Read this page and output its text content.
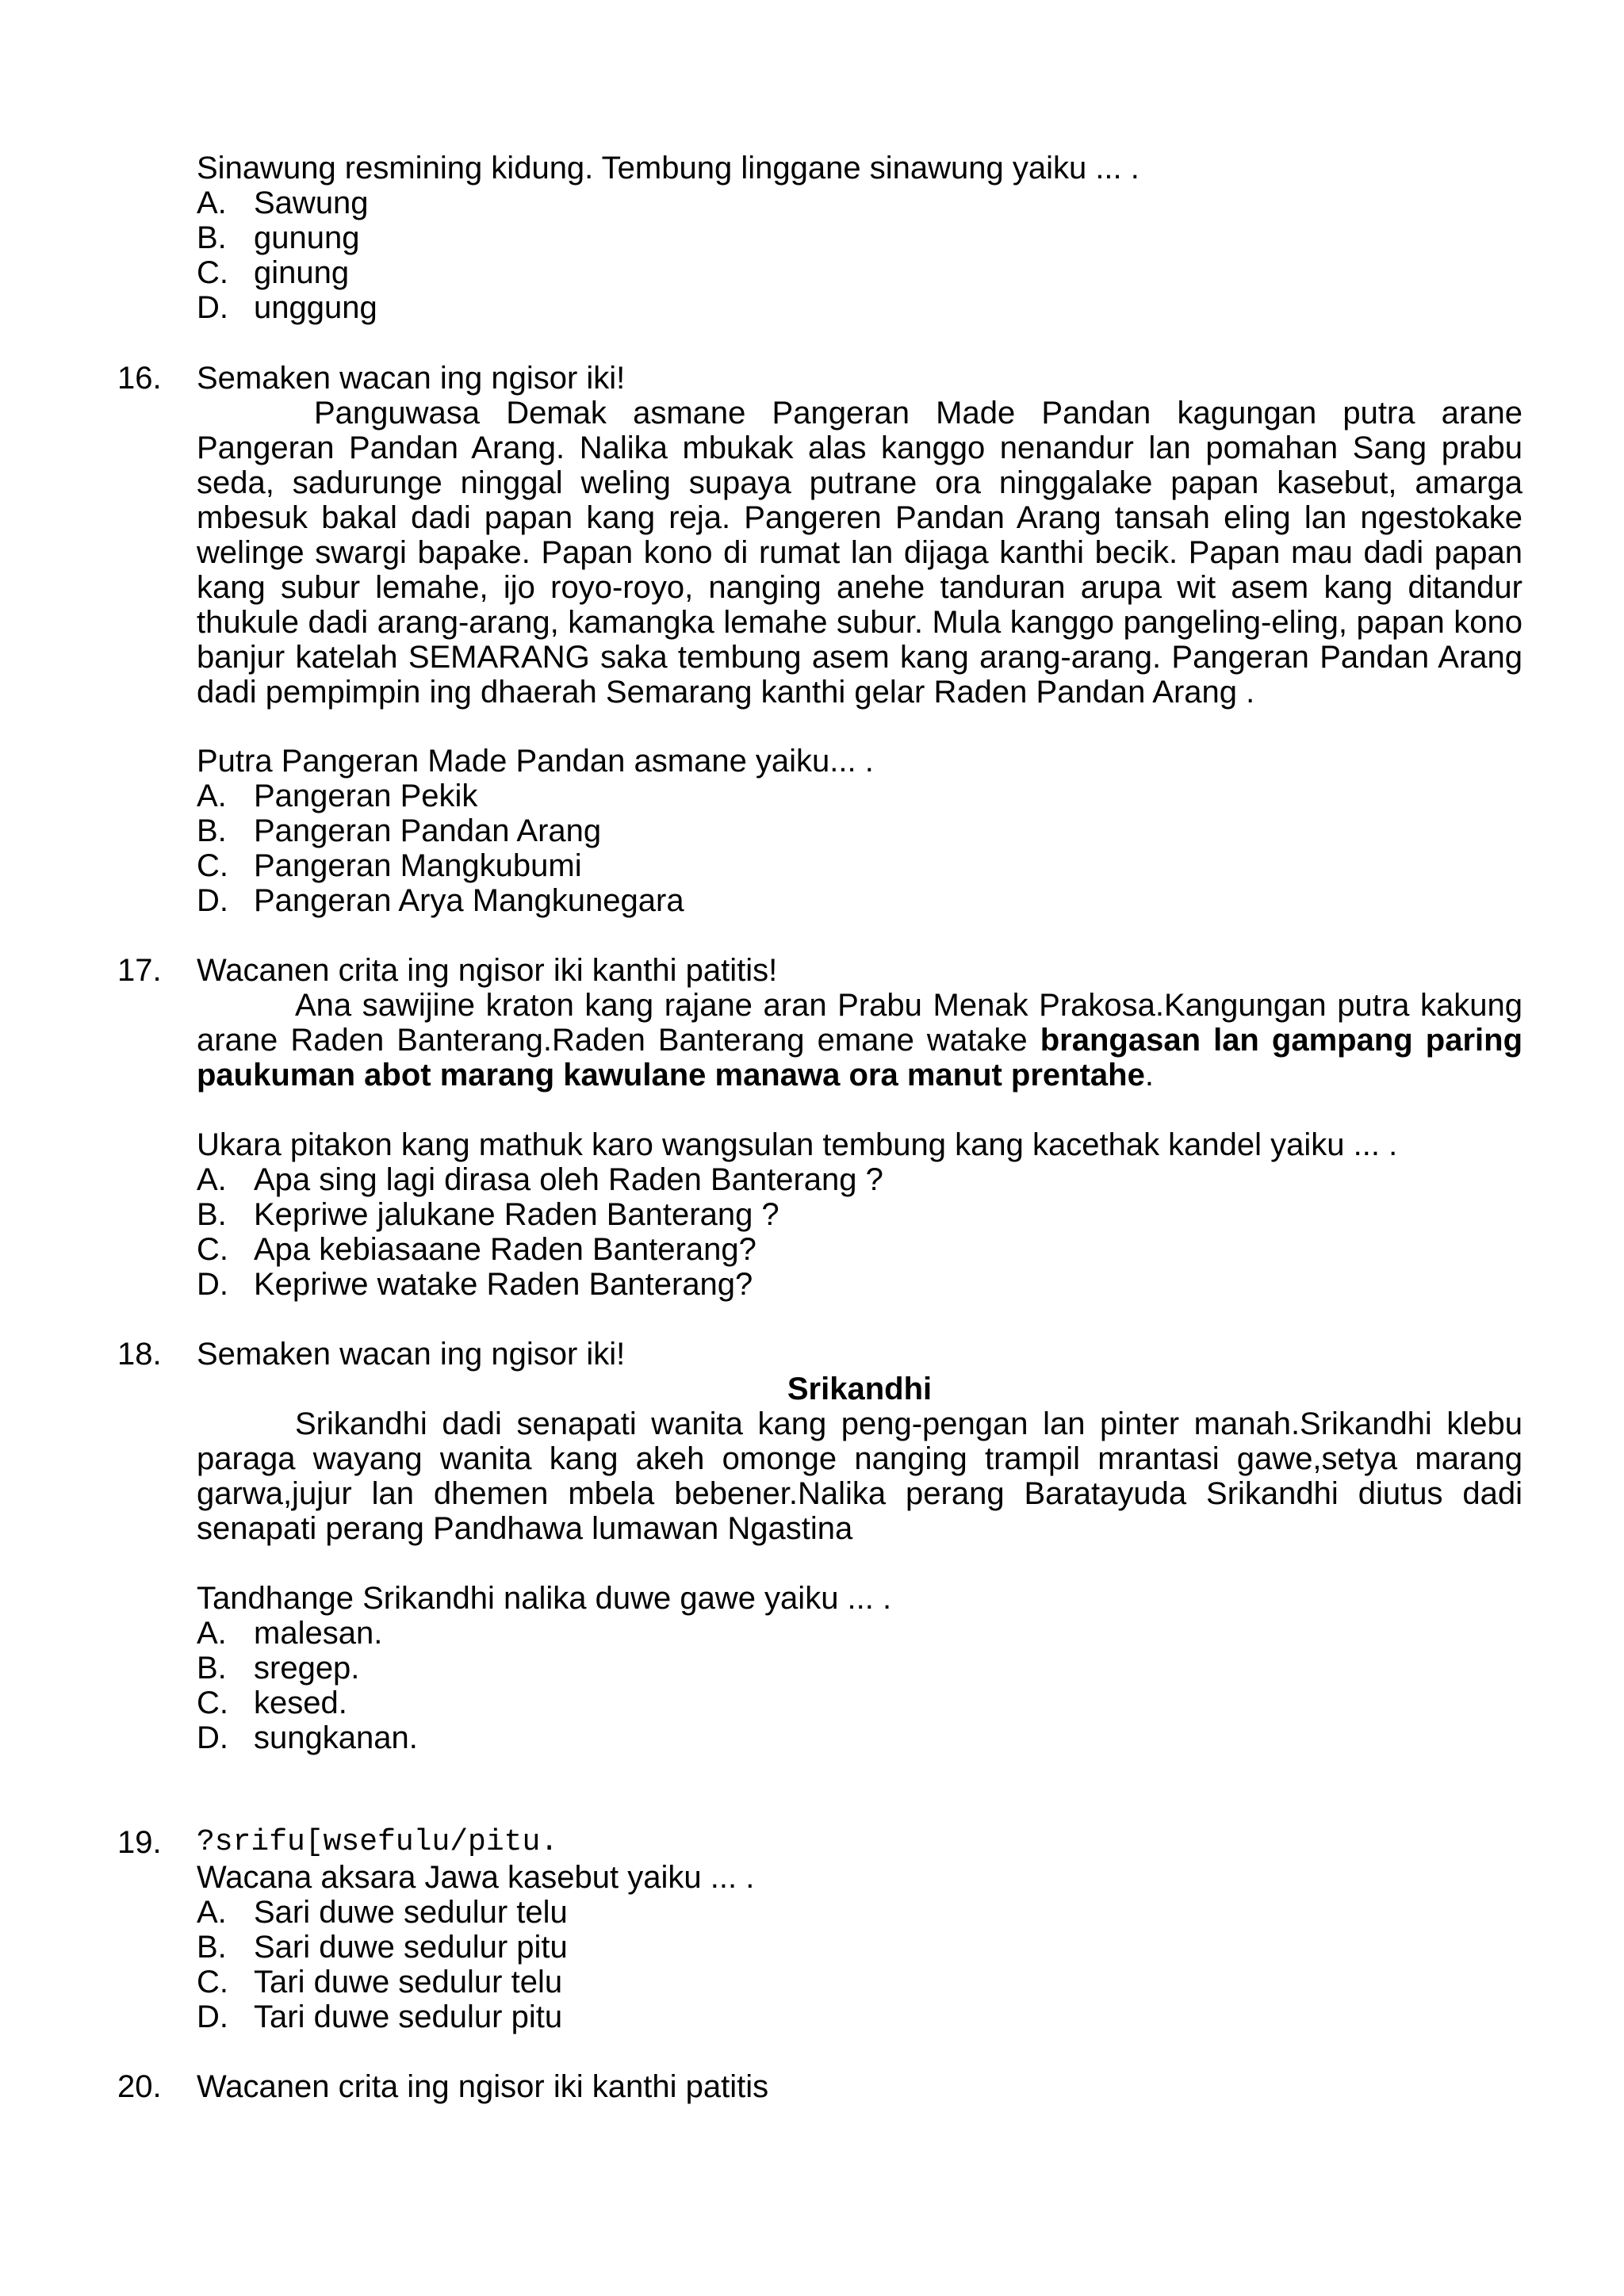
Sinawung resmining kidung. Tembung linggane sinawung yaiku ... .
A. Sawung
B. gunung
C. ginung
D. unggung
16. Semaken wacan ing ngisor iki!
Panguwasa Demak asmane Pangeran Made Pandan kagungan putra arane Pangeran Pandan Arang. Nalika mbukak alas kanggo nenandur lan pomahan Sang prabu seda, sadurunge ninggal weling supaya putrane ora ninggalake papan kasebut, amarga mbesuk bakal dadi papan kang reja. Pangeren Pandan Arang tansah eling lan ngestokake welinge swargi bapake. Papan kono di rumat lan dijaga kanthi becik. Papan mau dadi papan kang subur lemahe, ijo royo-royo, nanging anehe tanduran arupa wit asem kang ditandur thukule dadi arang-arang, kamangka lemahe subur. Mula kanggo pangeling-eling, papan kono banjur katelah SEMARANG saka tembung asem kang arang-arang. Pangeran Pandan Arang dadi pempimpin ing dhaerah Semarang kanthi gelar Raden Pandan Arang .
Putra Pangeran Made Pandan asmane yaiku... .
A. Pangeran Pekik
B. Pangeran Pandan Arang
C. Pangeran Mangkubumi
D. Pangeran Arya Mangkunegara
17. Wacanen crita ing ngisor iki kanthi patitis!
Ana sawijine kraton kang rajane aran Prabu Menak Prakosa.Kangungan putra kakung arane Raden Banterang.Raden Banterang emane watake brangasan lan gampang paring paukuman abot marang kawulane manawa ora manut prentahe.
Ukara pitakon kang mathuk karo wangsulan tembung kang kacethak kandel yaiku ... .
A. Apa sing lagi dirasa oleh Raden Banterang ?
B. Kepriwe jalukane Raden Banterang ?
C. Apa kebiasaane Raden Banterang?
D. Kepriwe watake Raden Banterang?
18. Semaken wacan ing ngisor iki!
Srikandhi
Srikandhi dadi senapati wanita kang peng-pengan lan pinter manah.Srikandhi klebu paraga wayang wanita kang akeh omonge nanging trampil mrantasi gawe,setya marang garwa,jujur lan dhemen mbela bebener.Nalika perang Baratayuda Srikandhi diutus dadi senapati perang Pandhawa lumawan Ngastina
Tandhange Srikandhi nalika duwe gawe yaiku ... .
A. malesan.
B. sregep.
C. kesed.
D. sungkanan.
19. ?srifu[wsefulu/pitu.
Wacana aksara Jawa kasebut yaiku ... .
A. Sari duwe sedulur telu
B. Sari duwe sedulur pitu
C. Tari duwe sedulur telu
D. Tari duwe sedulur pitu
20. Wacanen crita ing ngisor iki kanthi patitis
